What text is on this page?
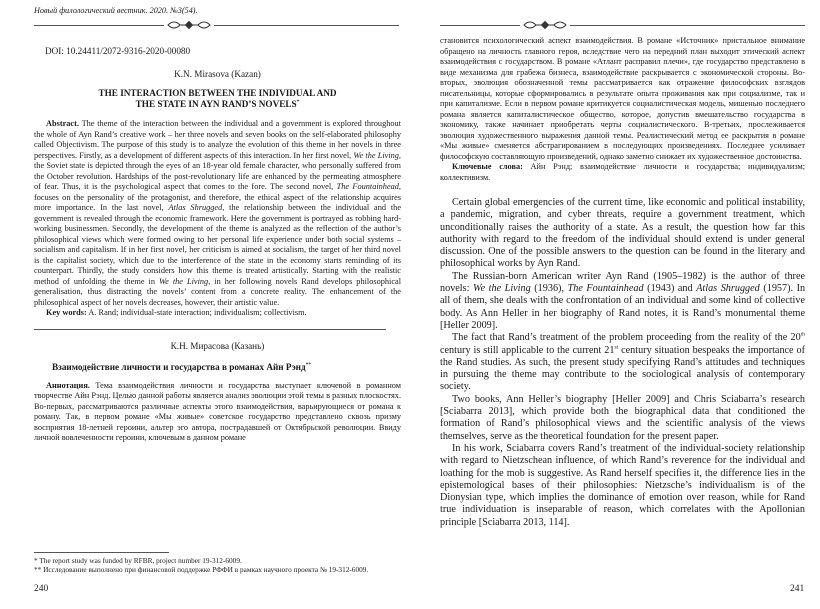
Новый филологический вестник. 2020. №3(54).
DOI: 10.24411/2072-9316-2020-00080
K.N. Mirasova (Kazan)
THE INTERACTION BETWEEN THE INDIVIDUAL AND
THE STATE IN AYN RAND’S NOVELS*

Abstract. The theme of the interaction between the individual and a government is explored throughout the whole of Ayn Rand’s creative work – her three novels and seven books on the self-elaborated philosophy called Objectivism. The purpose of this study is to analyze the evolution of this theme in her novels in three perspectives. Firstly, as a development of different aspects of this interaction. In her first novel, We the Living, the Soviet state is depicted through the eyes of an 18-year old female character, who personally suffered from the October revolution. Hardships of the post-revolutionary life are enhanced by the permeating atmosphere of fear. Thus, it is the psychological aspect that comes to the fore. The second novel, The Fountainhead, focuses on the personality of the protagonist, and therefore, the ethical aspect of the relationship acquires more importance. In the last novel, Atlas Shrugged, the relationship between the individual and the government is revealed through the economic framework. Here the government is portrayed as robbing hard-working businessmen. Secondly, the development of the theme is analyzed as the reflection of the author’s philosophical views which were formed owing to her personal life experience under both social systems – socialism and capitalism. If in her first novel, her criticism is aimed at socialism, the target of her third novel is the capitalist society, which due to the interference of the state in the economy starts reminding of its counterpart. Thirdly, the study considers how this theme is treated artistically. Starting with the realistic method of unfolding the theme in We the Living, in her following novels Rand develops philosophical generalisation, thus distracting the novels’ content from a concrete reality. The enhancement of the philosophical aspect of her novels decreases, however, their artistic value.

Key words: A. Rand; individual-state interaction; individualism; collectivism.

К.Н. Мирасова (Казань)
Взаимодействие личности и государства в романах Айн Рэнд**

Аннотация. Тема взаимодействия личности и государства выступает ключевой в романном творчестве Айн Рэнд. Целью данной работы является анализ эволюции этой темы в разных плоскостях. Во-первых, рассматриваются различные аспекты этого взаимодействия, варьирующиеся от романа к роману. Так, в первом романе «Мы живые» советское государство представлено сквозь призму восприятия 18-летней героини, альтер эго автора, пострадавшей от Октябрьской революции. Ввиду личной вовлеченности героини, ключевым в данном романе

* The report study was funded by RFBR, project number 19-312-6009.
** Исследование выполнено при финансовой поддержке РФФИ в рамках научного проекта № 19-312-6009.
240

становится психологический аспект взаимодействия. В романе «Источник» пристальное внимание обращено на личность главного героя, вследствие чего на передний план выходит этический аспект взаимодействия с государством. В романе «Атлант расправил плечи», где государство представлено в виде механизма для грабежа бизнеса, взаимодействие раскрывается с экономической стороны. Во-вторых, эволюция обозначенной темы рассматривается как отражение философских взглядов писательницы, которые сформировались в результате опыта проживания как при социализме, так и при капитализме. Если в первом романе критикуется социалистическая модель, мишенью последнего романа является капиталистическое общество, которое, допустив вмешательство государства в экономику, также начинает приобретать черты социалистического. В-третьих, прослеживается эволюция художественного выражения данной темы. Реалистический метод ее раскрытия в романе «Мы живые» сменяется абстрагированием в последующих произведениях. Последнее усиливает философскую составляющую произведений, однако заметно снижает их художественное достоинства.

Ключевые слова: Айн Рэнд; взаимодействие личности и государства; индивидуализм; коллективизм.

Certain global emergencies of the current time, like economic and political instability, a pandemic, migration, and cyber threats, require a government treatment, which unconditionally raises the authority of a state. As a result, the question how far this authority with regard to the freedom of the individual should extend is under general discussion. One of the possible answers to the question can be found in the literary and philosophical works by Ayn Rand.

The Russian-born American writer Ayn Rand (1905–1982) is the author of three novels: We the Living (1936), The Fountainhead (1943) and Atlas Shrugged (1957). In all of them, she deals with the confrontation of an individual and some kind of collective body. As Ann Heller in her biography of Rand notes, it is Rand’s monumental theme [Heller 2009].

The fact that Rand’s treatment of the problem proceeding from the reality of the 20th century is still applicable to the current 21st century situation bespeaks the importance of the Rand studies. As such, the present study specifying Rand’s attitudes and techniques in pursuing the theme may contribute to the sociological analysis of contemporary society.

Two books, Ann Heller’s biography [Heller 2009] and Chris Sciabarra’s research [Sciabarra 2013], which provide both the biographical data that conditioned the formation of Rand’s philosophical views and the scientific analysis of the views themselves, serve as the theoretical foundation for the present paper.

In his work, Sciabarra covers Rand’s treatment of the individual-society relationship with regard to Nietzschean influence, of which Rand’s reverence for the individual and loathing for the mob is suggestive. As Rand herself specifies it, the difference lies in the epistemological bases of their philosophies: Nietzsche’s individualism is of the Dionysian type, which implies the dominance of emotion over reason, while for Rand true individuation is inseparable of reason, which correlates with the Apollonian principle [Sciabarra 2013, 114].

241
